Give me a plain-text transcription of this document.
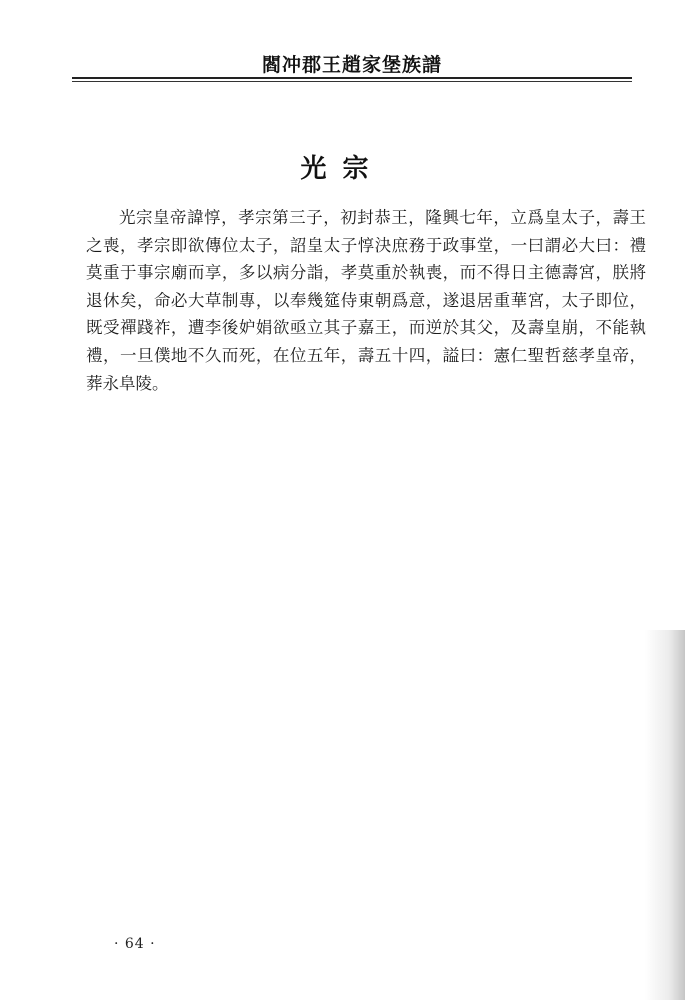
閻冲郡王趙家堡族譜
光宗

光宗皇帝諱惇，孝宗第三子，初封恭王，隆興七年，立爲皇太子，壽王之喪，孝宗即欲傳位太子，詔皇太子惇決庶務于政事堂，一曰謂必大曰：禮莫重于事宗廟而享，多以病分詣，孝莫重於執喪，而不得日主德壽宮，朕將退休矣，命必大草制專，以奉幾筵侍東朝爲意，遂退居重華宮，太子即位，既受禪踐祚，遭李後妒娟欲亟立其子嘉王，而逆於其父，及壽皇崩，不能執禮，一旦僕地不久而死，在位五年，壽五十四，謚曰：憲仁聖哲慈孝皇帝，葬永阜陵。

· 64 ·
